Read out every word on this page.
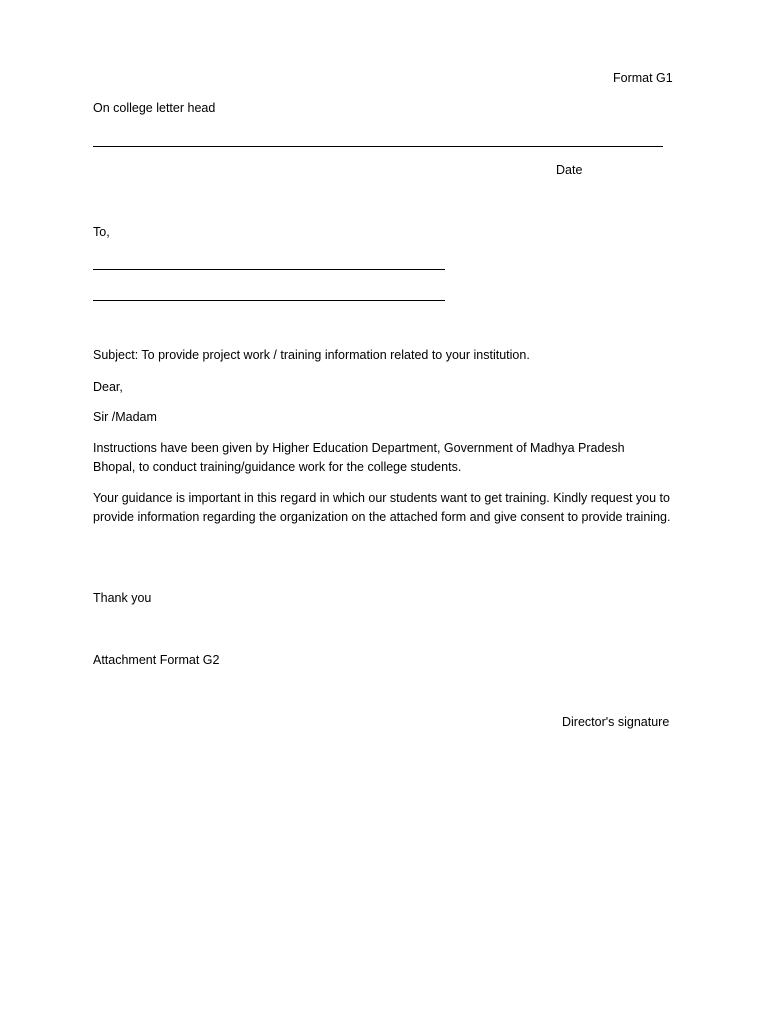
Format G1
On college letter head
Date
To,
Subject: To provide project work / training information related to your institution.
Dear,
Sir /Madam
Instructions have been given by Higher Education Department, Government of Madhya Pradesh Bhopal, to conduct training/guidance work for the college students.
Your guidance is important in this regard in which our students want to get training. Kindly request you to provide information regarding the organization on the attached form and give consent to provide training.
Thank you
Attachment Format G2
Director's signature
